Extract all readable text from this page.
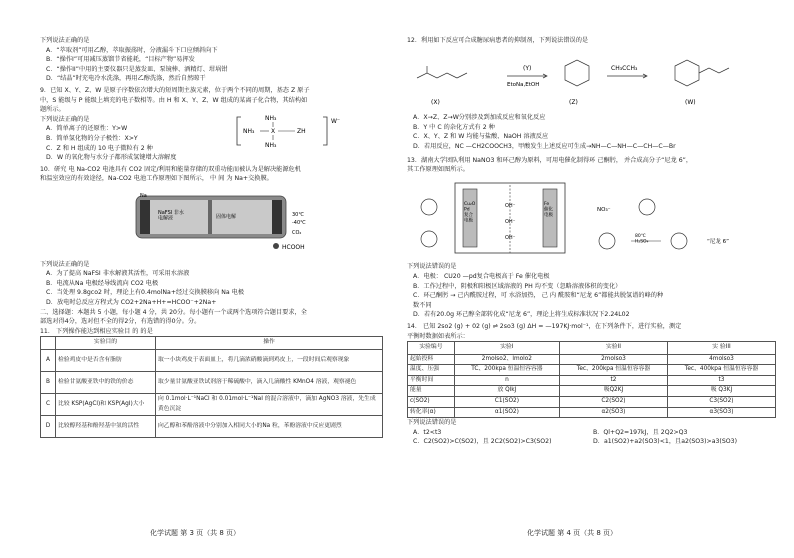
下列说法正确的是
A．“萃取剂”可用乙醇，萃取振荡时，分液漏斗下口应倾斜向下
B．“操作I”可用减压蒸馏节省能耗，“目标产物”易挥发
C．“操作II”中用的主要仪器只是蒸发皿、泵镜棒、酒精灯、坩埚钳
D．“结晶”时充电冷水洗涤，再用乙醇洗涤，然后自然晾干
9．已知 X、Y、Z、W 是原子序数依次增大的短周期主族元素，位于两个不同的周期，基态 Z 原子
中，S 能级与 P 能级上填充的电子数相等。由 H 和 X、Y、Z、W 组成的某离子化合物，其结构如
题所示。
下列说法正确的是
A．简单离子的还原性：Y>W
B．简单氢化物的分子极性：X>Y
C．Z 和 H 组成的 10 电子微粒有 2 种
D．W 的氧化物与水分子都形成氢键增大溶解度
NH₃
NH₃
NH₃	X	ZH
W⁻
10．研究 电 Na-CO2 电池具有 CO2 固定/利用和能量存储的双重功能而被认为是解决能源危机
和温室效应的有效途径，Na-CO2 电池工作原理如下图所示， 中 间 为 Na+交换膜。
NaFSI 非水电解液	固体电解
Na
30℃
-40℃
CO₂
HCOOH
下列说法正确的是
A．为了提高 NaFSI 非水解液其活性，可采用水溶液
B．电流从Na 电极经导线流向 CO2 电极
C．当处理 9.8gco2 时，理论上有0.4molNa+经过交换膜移向 Na 电极
D．放电时总反应方程式为 CO2+2Na+H+=HCOO⁻+2Na+
二、选择题：本题共 5 小题，每小题 4 分，共 20分。每小题有一个或两个选项符合题目要求，全
部选对得4分，选对但不全的得2分，有选错的得0分。分。
11． 下列操作能达到相应实验目 的 的是
	实验目的	操作
A	检验鸡皮中是否含有脂肪	取一小块鸡皮于表面皿上，将几滴浓硝酸滴到鸡皮上，一段时间后观察现象
B	检验甘氨酸亚铁中的铁的价态	取少量甘氨酸亚铁试剂溶于稀硫酸中，滴入几滴酸性 KMnO4 溶液，观察褪色
C	比较 KSP(AgCl)和 KSP(AgI)大小	向 0.1mol·L⁻¹NaCl 和 0.01mol·L⁻¹NaI 的混合溶液中，滴加 AgNO3 溶液，先生成黄色沉淀
D	比较醇羟基和酚羟基中氢的活性	向乙醇和苯酚溶液中分别加入相同大小的Na 粒，苯酚溶液中反应更剧烈
化学试题 第 3 页（共 8 页）
12．利用如下反应可合成糖尿病患者的抑制剂，下列说法错误的是
(Y)
EtoNa,EtOH
CH₃CCH₃
(X)	(Z)	(W)
A．X→Z、Z→W分别涉及到加成反应和氧化反应
B．Y 中 C 的杂化方式有 2 种
C．X、Y、Z 和 W 均能与盐酸、NaOH 溶液反应
D．若用反应，NC —CH2COOCH3，甲酸发生上述反应可生成→NH—C—NH—C—CH—C—Br
13．湖南大学团队利用 NaNO3 和环己醇为原料，可用电催化制得环 己酮肟， 并合成高分子“尼龙 6”，
其工作原理如图所示。
Cu₂O Pd 复合电极
Fe 催化电极
OH⁻
OH⁻
OH⁻
NO₃⁻
80℃ H₂SO₄	“尼龙 6”
下列说法错误的是
A．电极： CU20 —pd复合电极高于 Fe 催化电极
B．工作过程中，阴极和阳极区域溶液的 PH 均不变（忽略溶液体积的变化）
C．环己酮肟 → 己内酰胺过程，可 水浴加热， 己 内 酰胺和“尼龙 6”都能共脱氢谱的峰的种
数不同
D．若有20.0g 环己醇全部转化成“尼龙 6”，理论上将生成标准状况下2.24L02
14． 已知 2so2 (g) + 02 (g) ⇌ 2so3 (g) ΔH = —197KJ·mol⁻¹，在下列条件下，进行实验，测定
平衡时数据如表所示：
实验编号	实验I	实验II	实 验III
起始投料	2molso2、lmolo2	2molso3	4molso3
温度、压强	TC、200kpa 恒温恒容容器	Tec、200kpa 恒温恒容容器	Tec、400kpa 恒温恒容容器
平衡时间	n	t2	t3
能量	放 QlkJ	吸Q2KJ	吸 Q3KJ
c(SO2)	C1(SO2)	C2(SO2)	C3(SO2)
转化率(α)	α1(SO2)	α2(SO3)	α3(SO3)
下列说法错误的是
A．t2<t3	B．Ql+Q2=197kJ，且 2Q2>Q3
C．C2(SO2)>C(SO2)，且 2C2(SO2)>C3(SO2)	D．a1(SO2)+a2(SO3)<1，且a2(SO3)>a3(SO3)
化学试题 第 4 页（共 8 页）
